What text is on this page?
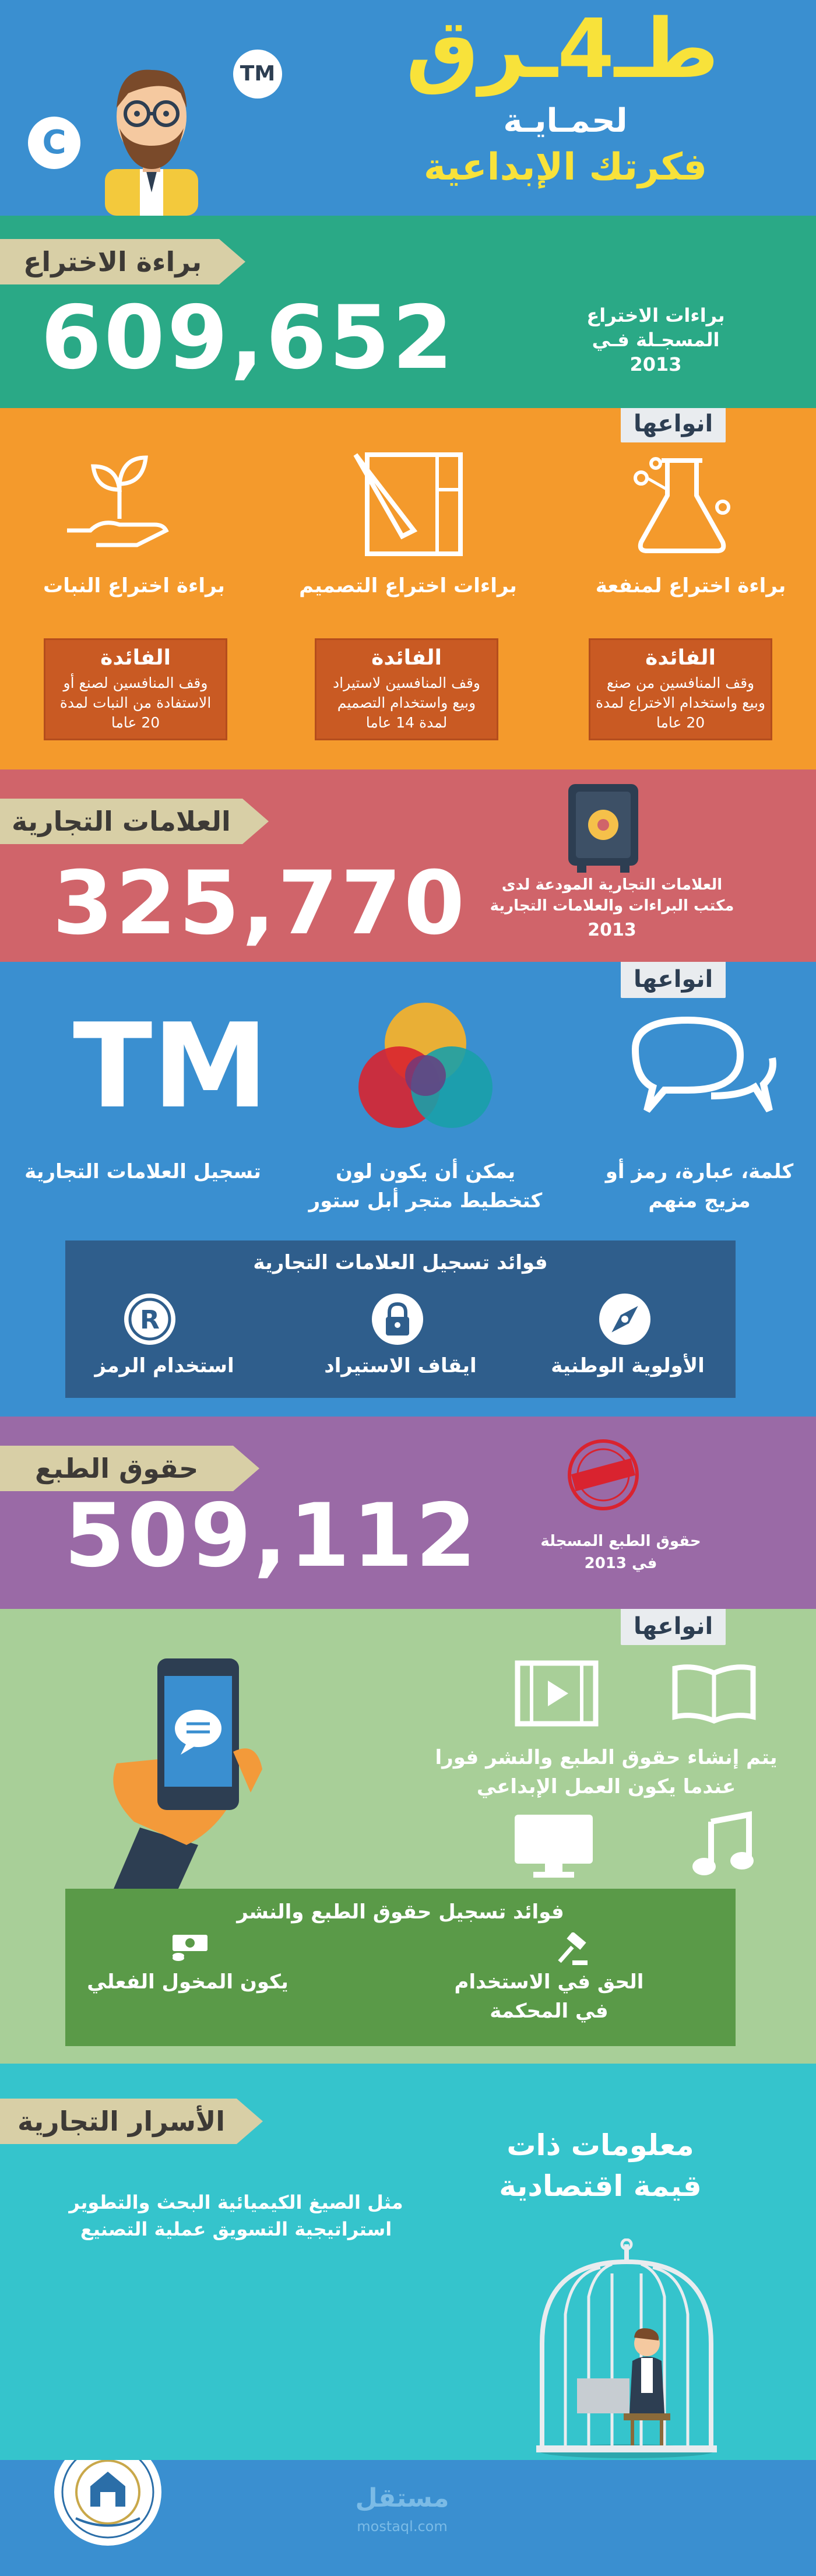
C
TM	طـ4ـرق
لحمـايـة
فكرتك الإبداعية
براءة الاختراع
609,652	براءات الاختراع
المسجـلة فـي
2013
انواعها
براءة اختراع لمنفعة
براءات اختراع التصميم
براءة اختراع النبات
الفائدة

وقف المنافسين من صنع وبيع واستخدام الاختراع لمدة 20 عاما

الفائدة

وقف المنافسين لاستيراد وبيع واستخدام التصميم لمدة 14 عاما

الفائدة

وقف المنافسين لصنع أو الاستفادة من النبات لمدة 20 عاما

العلامات التجارية
325,770	العلامات التجارية المودعة لدى
مكتب البراءات والعلامات التجارية
2013
انواعها
TM
كلمة، عبارة، رمز أو مزيج منهم
يمكن أن يكون لون كتخطيط متجر أبل ستور
تسجيل العلامات التجارية
فوائد تسجيل العلامات التجارية
R
الأولوية الوطنية
ايقاف الاستيراد
استخدام الرمز
حقوق الطبع
509,112	حقوق الطبع المسجلة
في 2013
انواعها
يتم إنشاء حقوق الطبع والنشر فورا عندما يكون العمل الإبداعي
فوائد تسجيل حقوق الطبع والنشر
الحق في الاستخدام في المحكمة
يكون المخول الفعلي
الأسرار التجارية
معلومات ذات
قيمة اقتصادية
مثل الصيغ الكيميائية البحث والتطوير استراتيجية التسويق عملية التصنيع
مستقل
mostaql.com
